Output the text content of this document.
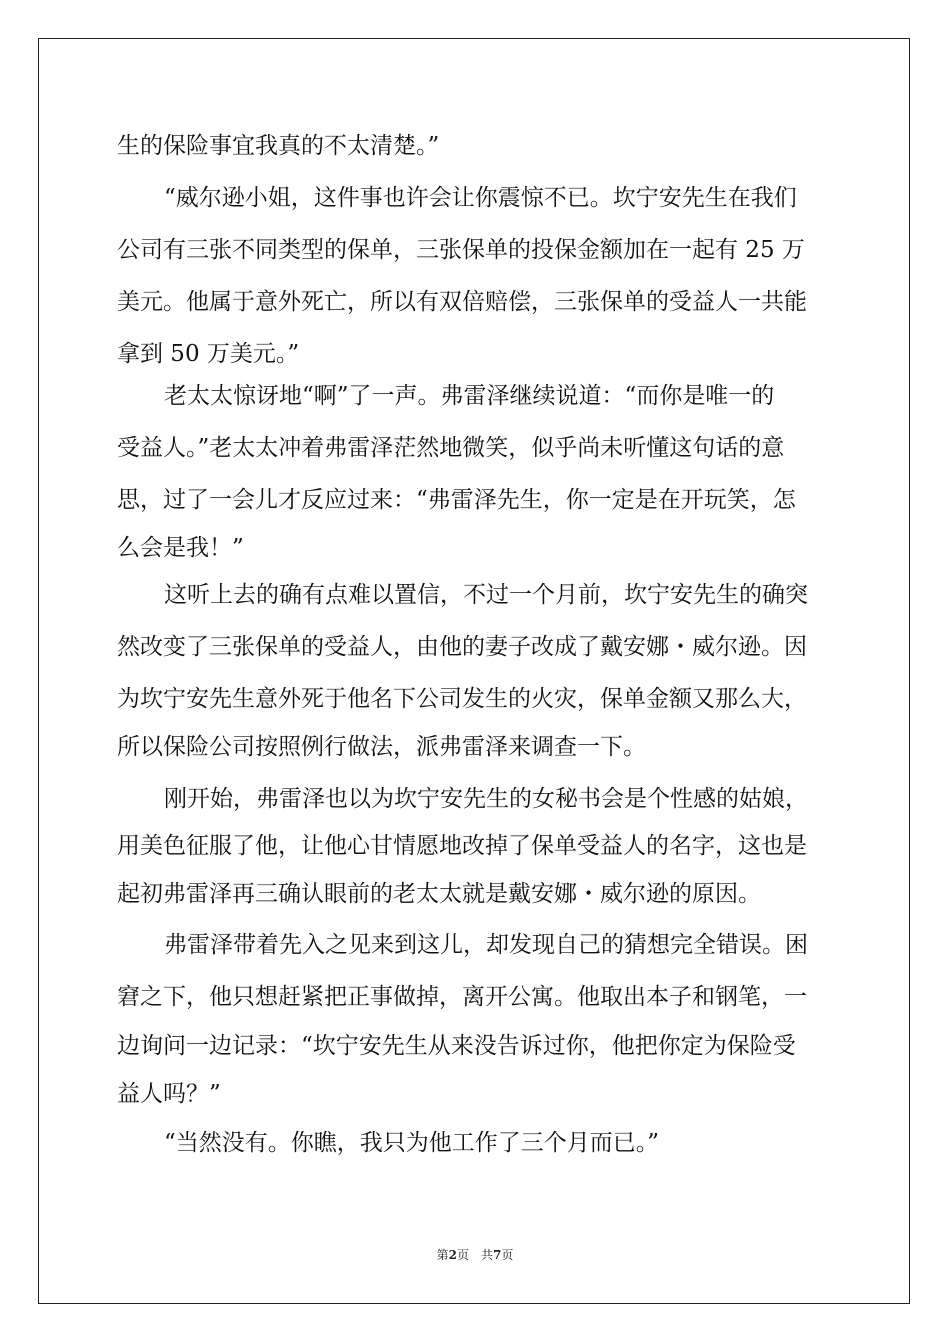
生的保险事宜我真的不太清楚。”

“威尔逊小姐，这件事也许会让你震惊不已。坎宁安先生在我们

公司有三张不同类型的保单，三张保单的投保金额加在一起有 25 万

美元。他属于意外死亡，所以有双倍赔偿，三张保单的受益人一共能

拿到 50 万美元。”

老太太惊讶地“啊”了一声。弗雷泽继续说道：“而你是唯一的

受益人。”老太太冲着弗雷泽茫然地微笑，似乎尚未听懂这句话的意

思，过了一会儿才反应过来：“弗雷泽先生，你一定是在开玩笑，怎

么会是我！”

这听上去的确有点难以置信，不过一个月前，坎宁安先生的确突

然改变了三张保单的受益人，由他的妻子改成了戴安娜・威尔逊。因

为坎宁安先生意外死于他名下公司发生的火灾，保单金额又那么大，

所以保险公司按照例行做法，派弗雷泽来调查一下。

刚开始，弗雷泽也以为坎宁安先生的女秘书会是个性感的姑娘，

用美色征服了他，让他心甘情愿地改掉了保单受益人的名字，这也是

起初弗雷泽再三确认眼前的老太太就是戴安娜・威尔逊的原因。

弗雷泽带着先入之见来到这儿，却发现自己的猜想完全错误。困

窘之下，他只想赶紧把正事做掉，离开公寓。他取出本子和钢笔，一

边询问一边记录：“坎宁安先生从来没告诉过你，他把你定为保险受

益人吗？”

“当然没有。你瞧，我只为他工作了三个月而已。”

第2页　共7页
